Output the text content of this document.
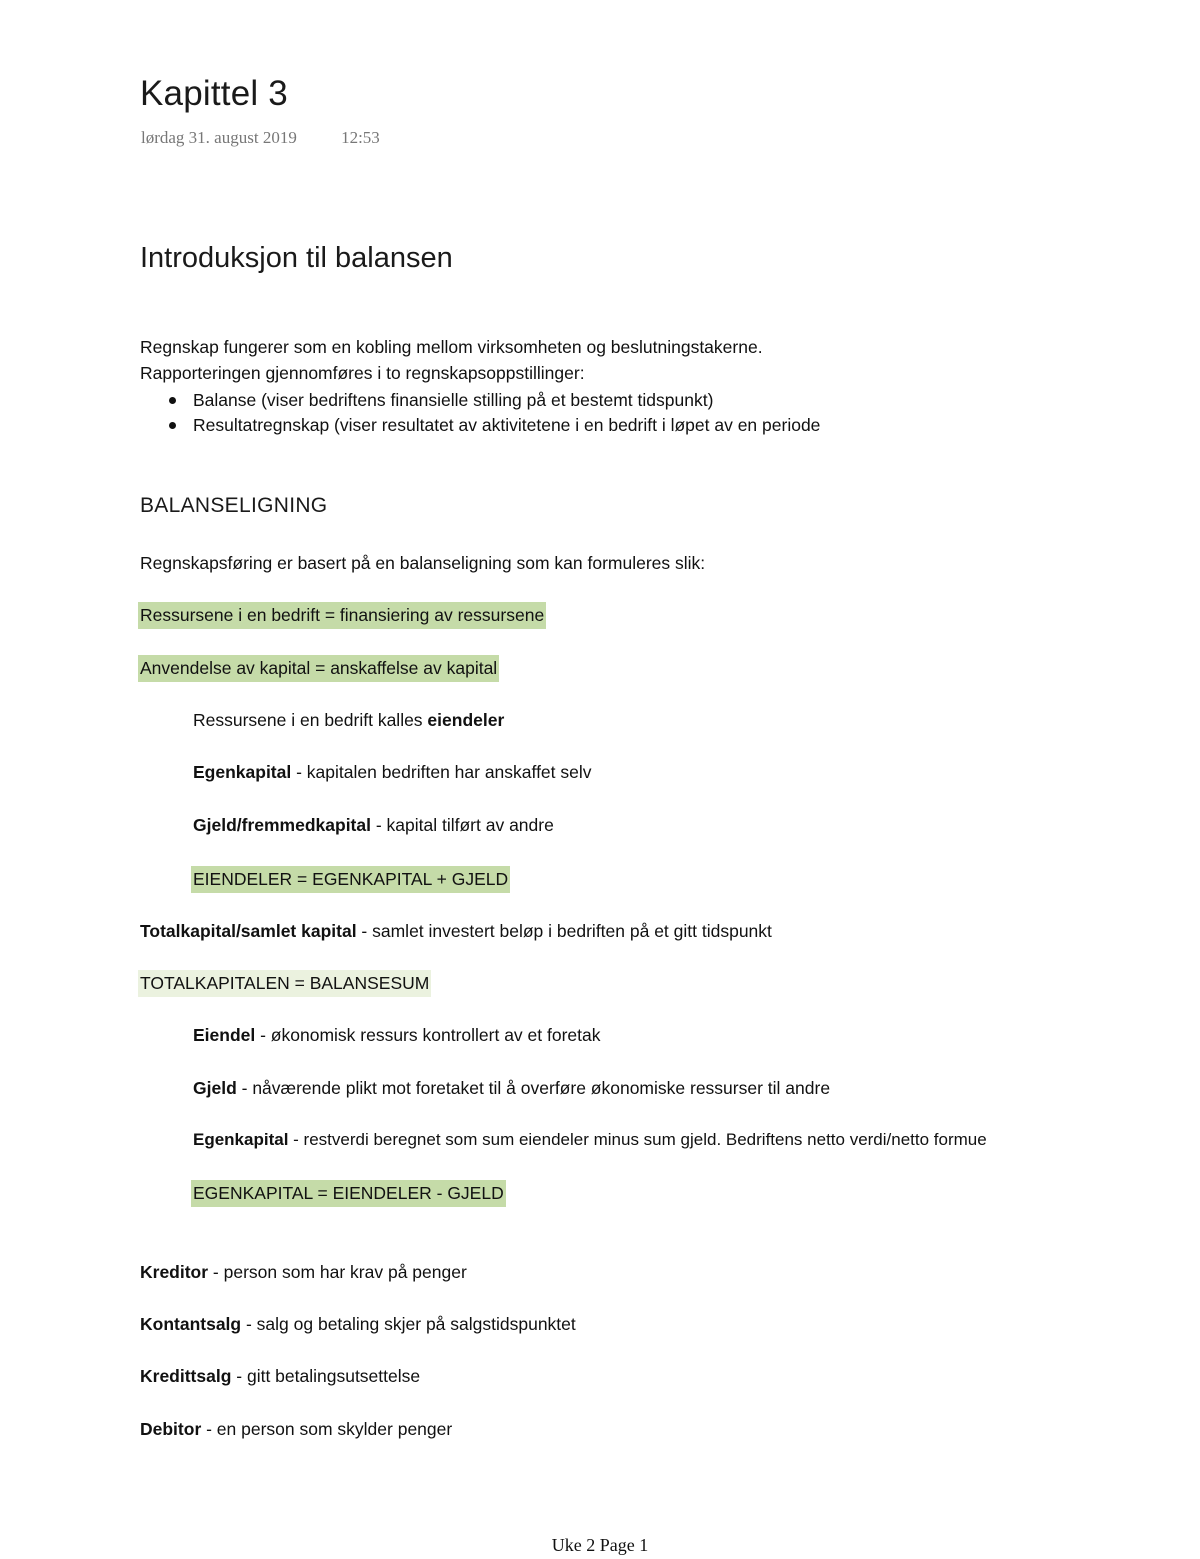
Kapittel 3
lørdag 31. august 2019	12:53
Introduksjon til balansen
Regnskap fungerer som en kobling mellom virksomheten og beslutningstakerne.
Rapporteringen gjennomføres i to regnskapsoppstillinger:
Balanse (viser bedriftens finansielle stilling på et bestemt tidspunkt)
Resultatregnskap (viser resultatet av aktivitetene i en bedrift i løpet av en periode
BALANSELIGNING
Regnskapsføring er basert på en balanseligning som kan formuleres slik:
Ressursene i en bedrift = finansiering av ressursene
Anvendelse av kapital = anskaffelse av kapital
Ressursene i en bedrift kalles eiendeler
Egenkapital - kapitalen bedriften har anskaffet selv
Gjeld/fremmedkapital - kapital tilført av andre
EIENDELER = EGENKAPITAL + GJELD
Totalkapital/samlet kapital - samlet investert beløp i bedriften på et gitt tidspunkt
TOTALKAPITALEN = BALANSESUM
Eiendel - økonomisk ressurs kontrollert av et foretak
Gjeld - nåværende plikt mot foretaket til å overføre økonomiske ressurser til andre
Egenkapital - restverdi beregnet som sum eiendeler minus sum gjeld. Bedriftens netto verdi/netto formue
EGENKAPITAL = EIENDELER - GJELD
Kreditor - person som har krav på penger
Kontantsalg - salg og betaling skjer på salgstidspunktet
Kredittsalg - gitt betalingsutsettelse
Debitor - en person som skylder penger
Uke 2 Page 1
